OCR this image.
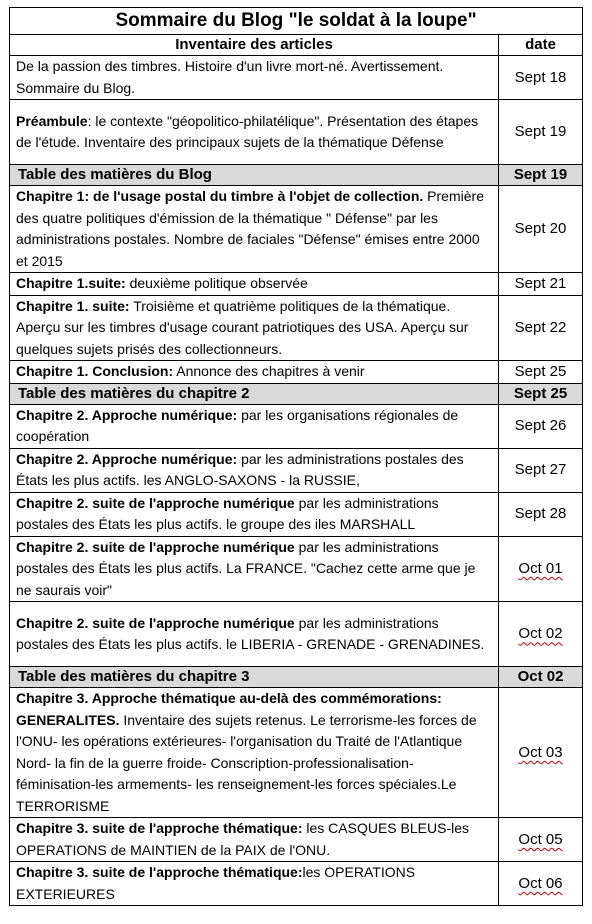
Sommaire du Blog "le soldat à la loupe"	
Inventaire des articles	date
De la passion des timbres. Histoire d'un livre mort-né. Avertissement. Sommaire du Blog.	Sept 18
Préambule: le contexte "géopolitico-philatélique". Présentation des étapes de l'étude. Inventaire des principaux sujets de la thématique Défense	Sept 19
Table des matières du Blog	Sept 19
Chapitre 1: de l'usage postal du timbre à l'objet de collection. Première des quatre politiques d'émission de la thématique " Défense" par les administrations postales. Nombre de faciales "Défense" émises entre 2000 et 2015	Sept 20
Chapitre 1.suite: deuxième politique observée	Sept 21
Chapitre 1. suite: Troisième et quatrième politiques de la thématique. Aperçu sur les timbres d'usage courant patriotiques des USA. Aperçu sur quelques sujets prisés des collectionneurs.	Sept 22
Chapitre 1. Conclusion: Annonce des chapitres à venir	Sept 25
Table des matières du chapitre 2	Sept 25
Chapitre 2. Approche numérique: par les organisations régionales de coopération	Sept 26
Chapitre 2. Approche numérique: par les administrations postales des États les plus actifs. les ANGLO-SAXONS - la RUSSIE,	Sept 27
Chapitre 2. suite de l'approche numérique par les administrations postales des États les plus actifs. le groupe des iles MARSHALL	Sept 28
Chapitre 2. suite de l'approche numérique par les administrations postales des États les plus actifs. La FRANCE. "Cachez cette arme que je ne saurais voir"	Oct 01
Chapitre 2. suite de l'approche numérique par les administrations postales des États les plus actifs. le LIBERIA - GRENADE - GRENADINES.	Oct 02
Table des matières du chapitre 3	Oct 02
Chapitre 3. Approche thématique au-delà des commémorations: GENERALITES. Inventaire des sujets retenus. Le terrorisme-les forces de l'ONU- les opérations extérieures- l'organisation du Traité de l'Atlantique Nord- la fin de la guerre froide- Conscription-professionalisation- féminisation-les armements- les renseignement-les forces spéciales.Le TERRORISME	Oct 03
Chapitre 3. suite de l'approche thématique: les CASQUES BLEUS-les OPERATIONS de MAINTIEN de la PAIX de l'ONU.	Oct 05
Chapitre 3. suite de l'approche thématique:les OPERATIONS EXTERIEURES	Oct 06
